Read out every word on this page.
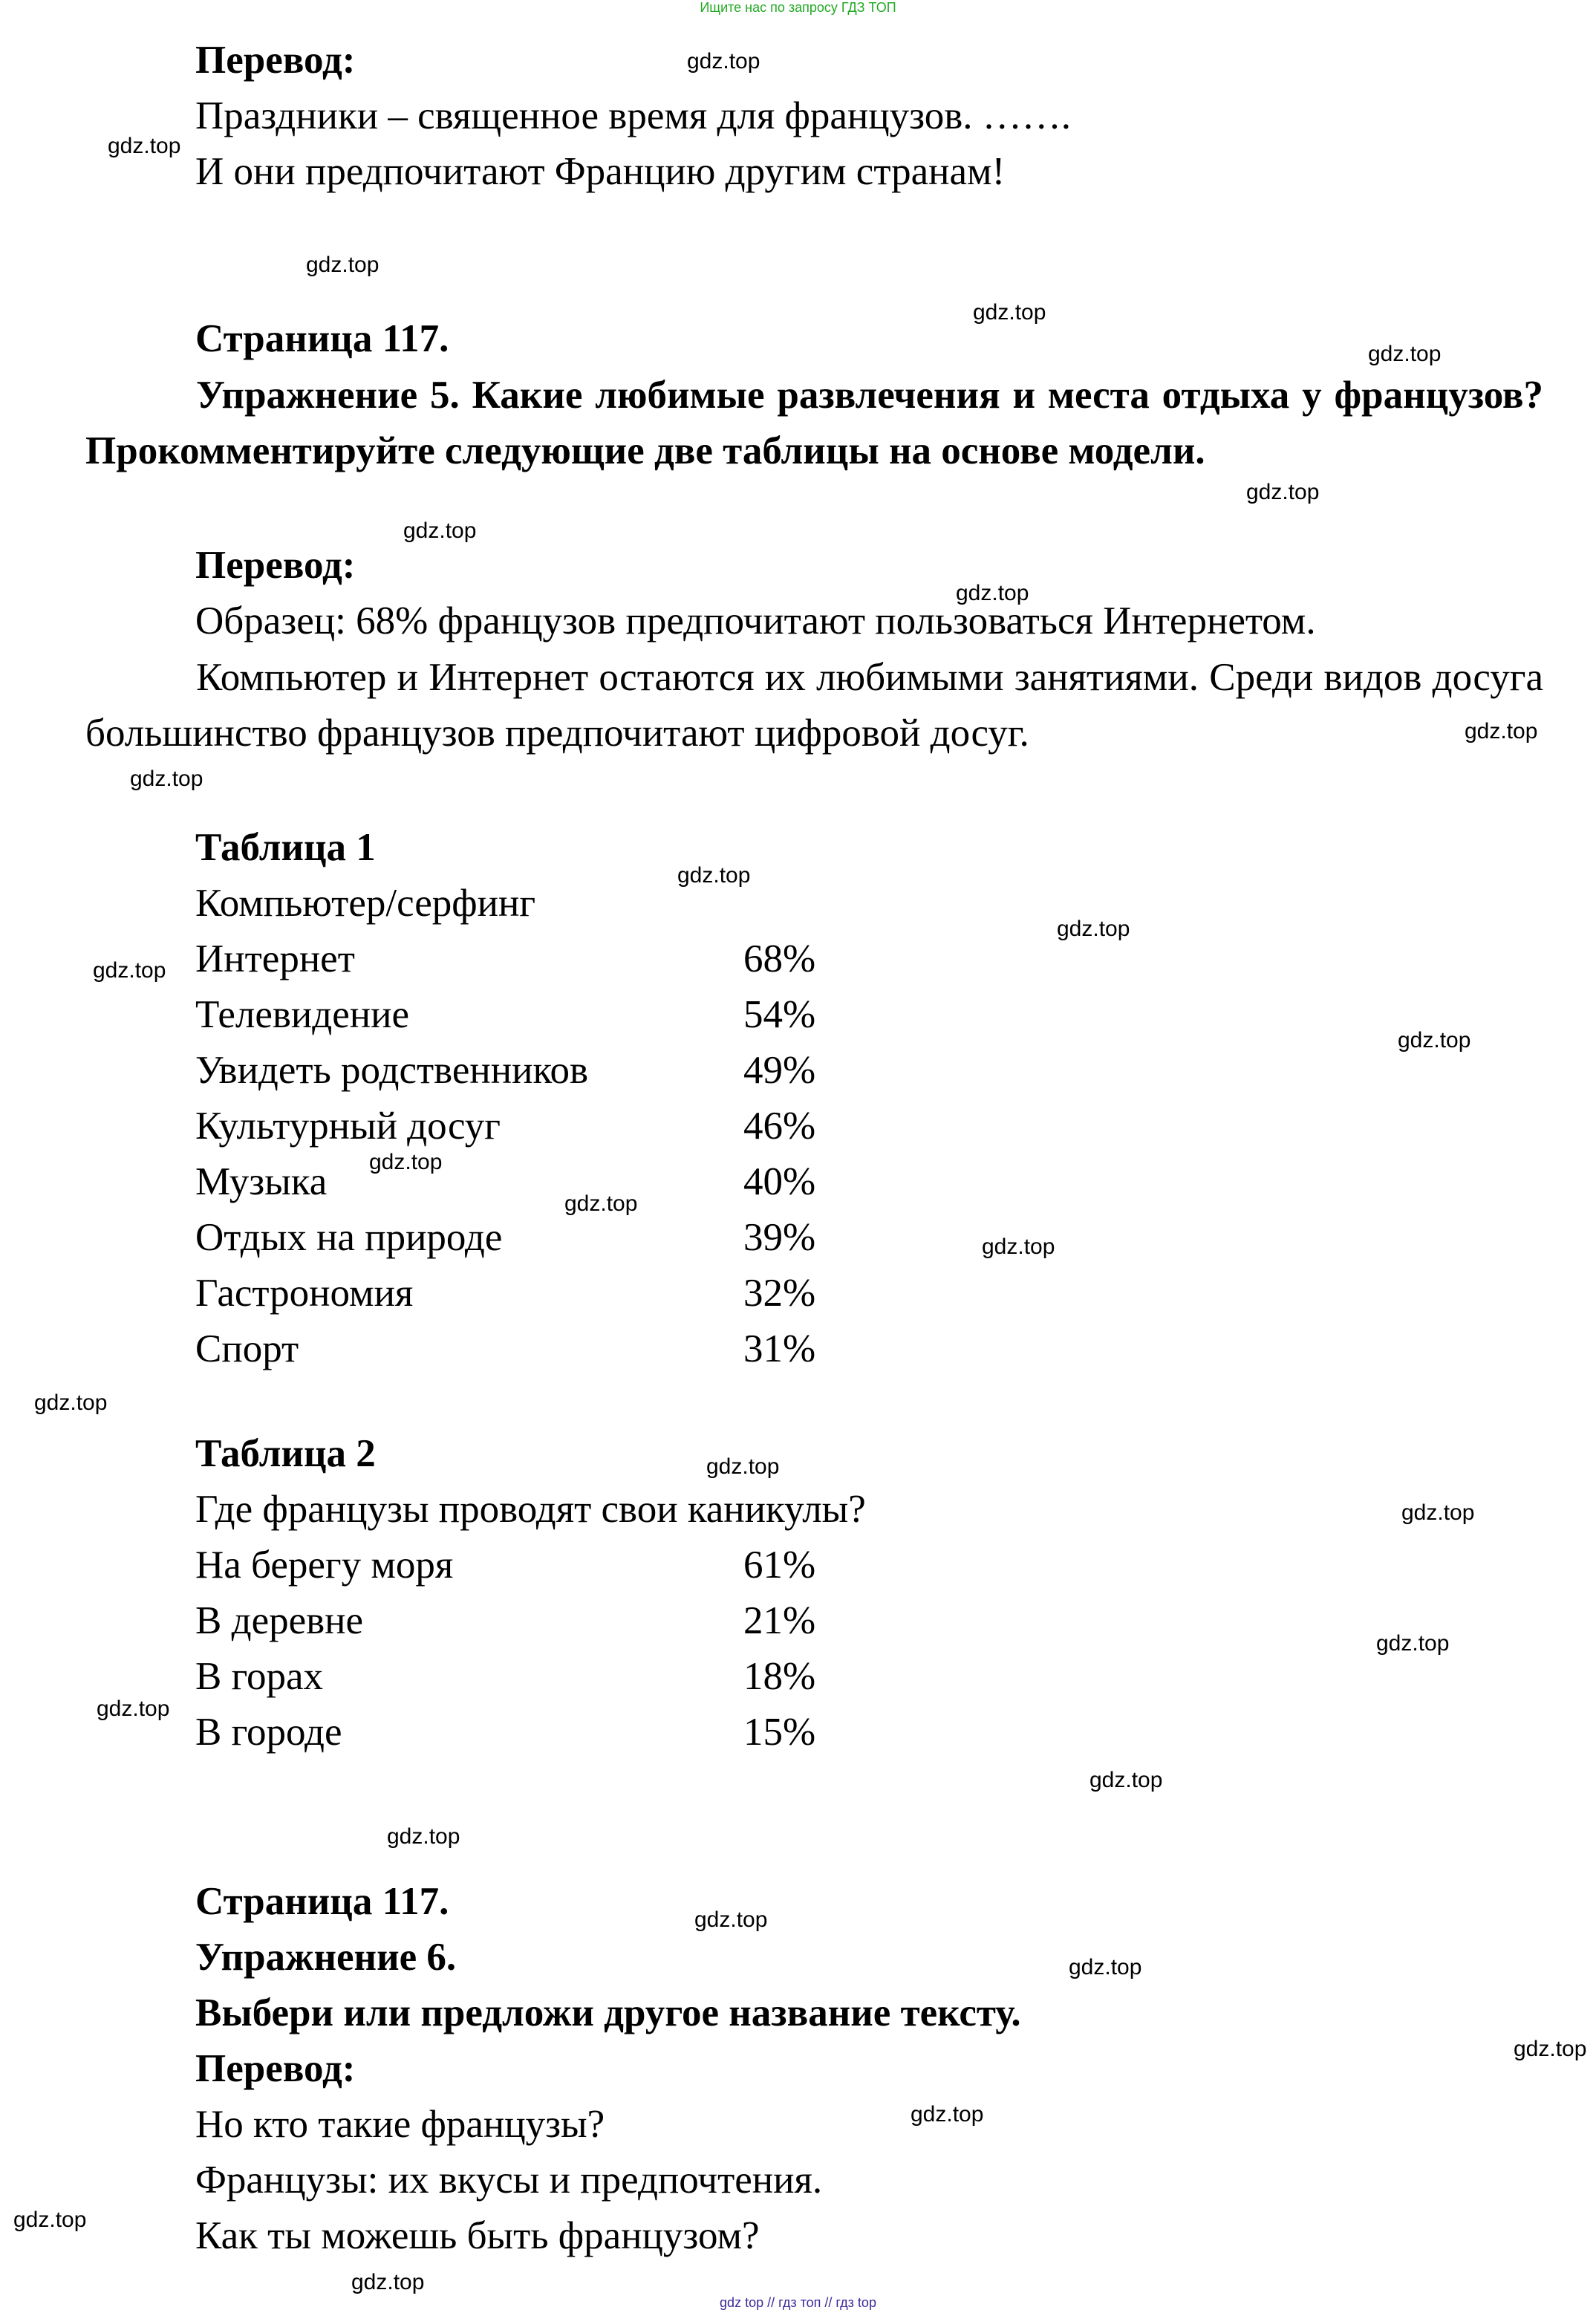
Ищите нас по запросу ГДЗ ТОП
Перевод:
Праздники – священное время для французов. …….
И они предпочитают Францию другим странам!
Страница 117.

Упражнение 5. Какие любимые развлечения и места отдыха у французов? Прокомментируйте следующие две таблицы на основе модели.

Перевод:
Образец: 68% французов предпочитают пользоваться Интернетом.

Компьютер и Интернет остаются их любимыми занятиями. Среди видов досуга большинство французов предпочитают цифровой досуг.

Таблица 1
Компьютер/серфинг
Интернет	68%
Телевидение	54%
Увидеть родственников	49%
Культурный досуг	46%
Музыка	40%
Отдых на природе	39%
Гастрономия	32%
Спорт	31%
Таблица 2
Где французы проводят свои каникулы?
На берегу моря	61%
В деревне	21%
В горах	18%
В городе	15%
Страница 117.
Упражнение 6.
Выбери или предложи другое название тексту.
Перевод:
Но кто такие французы?
Французы: их вкусы и предпочтения.
Как ты можешь быть французом?
gdz.top
gdz.top
gdz.top
gdz.top
gdz.top
gdz.top
gdz.top
gdz.top
gdz.top
gdz.top
gdz.top
gdz.top
gdz.top
gdz.top
gdz.top
gdz.top
gdz.top
gdz.top
gdz.top
gdz.top
gdz.top
gdz.top
gdz.top
gdz.top
gdz.top
gdz.top
gdz.top
gdz.top
gdz.top
gdz.top
gdz top // гдз топ // гдз top
